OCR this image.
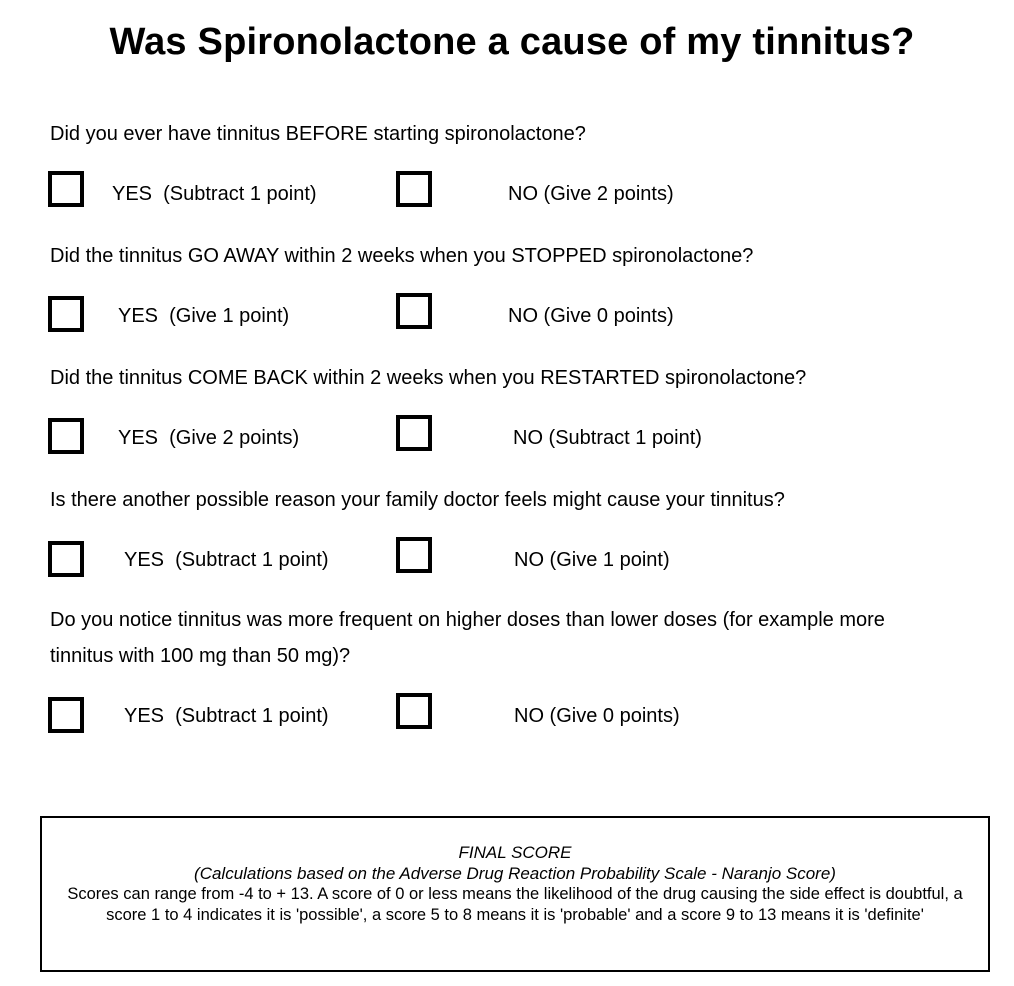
Was Spironolactone a cause of my tinnitus?
Did you ever have tinnitus BEFORE starting spironolactone?
YES  (Subtract 1 point)	NO (Give 2 points)
Did the tinnitus GO AWAY within 2 weeks when you STOPPED spironolactone?
YES  (Give 1 point)	NO (Give 0 points)
Did the tinnitus COME BACK within 2 weeks when you RESTARTED spironolactone?
YES  (Give 2 points)	NO (Subtract 1 point)
Is there another possible reason your family doctor feels might cause your tinnitus?
YES  (Subtract 1 point)	NO (Give 1 point)
Do you notice tinnitus was more frequent on higher doses than lower doses (for example more tinnitus with 100 mg than 50 mg)?
YES  (Subtract 1 point)	NO (Give 0 points)
FINAL SCORE
(Calculations based on the Adverse Drug Reaction Probability Scale - Naranjo Score)
Scores can range from -4 to + 13. A score of 0 or less means the likelihood of the drug causing the side effect is doubtful, a score 1 to 4 indicates it is 'possible', a score 5 to 8 means it is 'probable' and a score 9 to 13 means it is 'definite'
